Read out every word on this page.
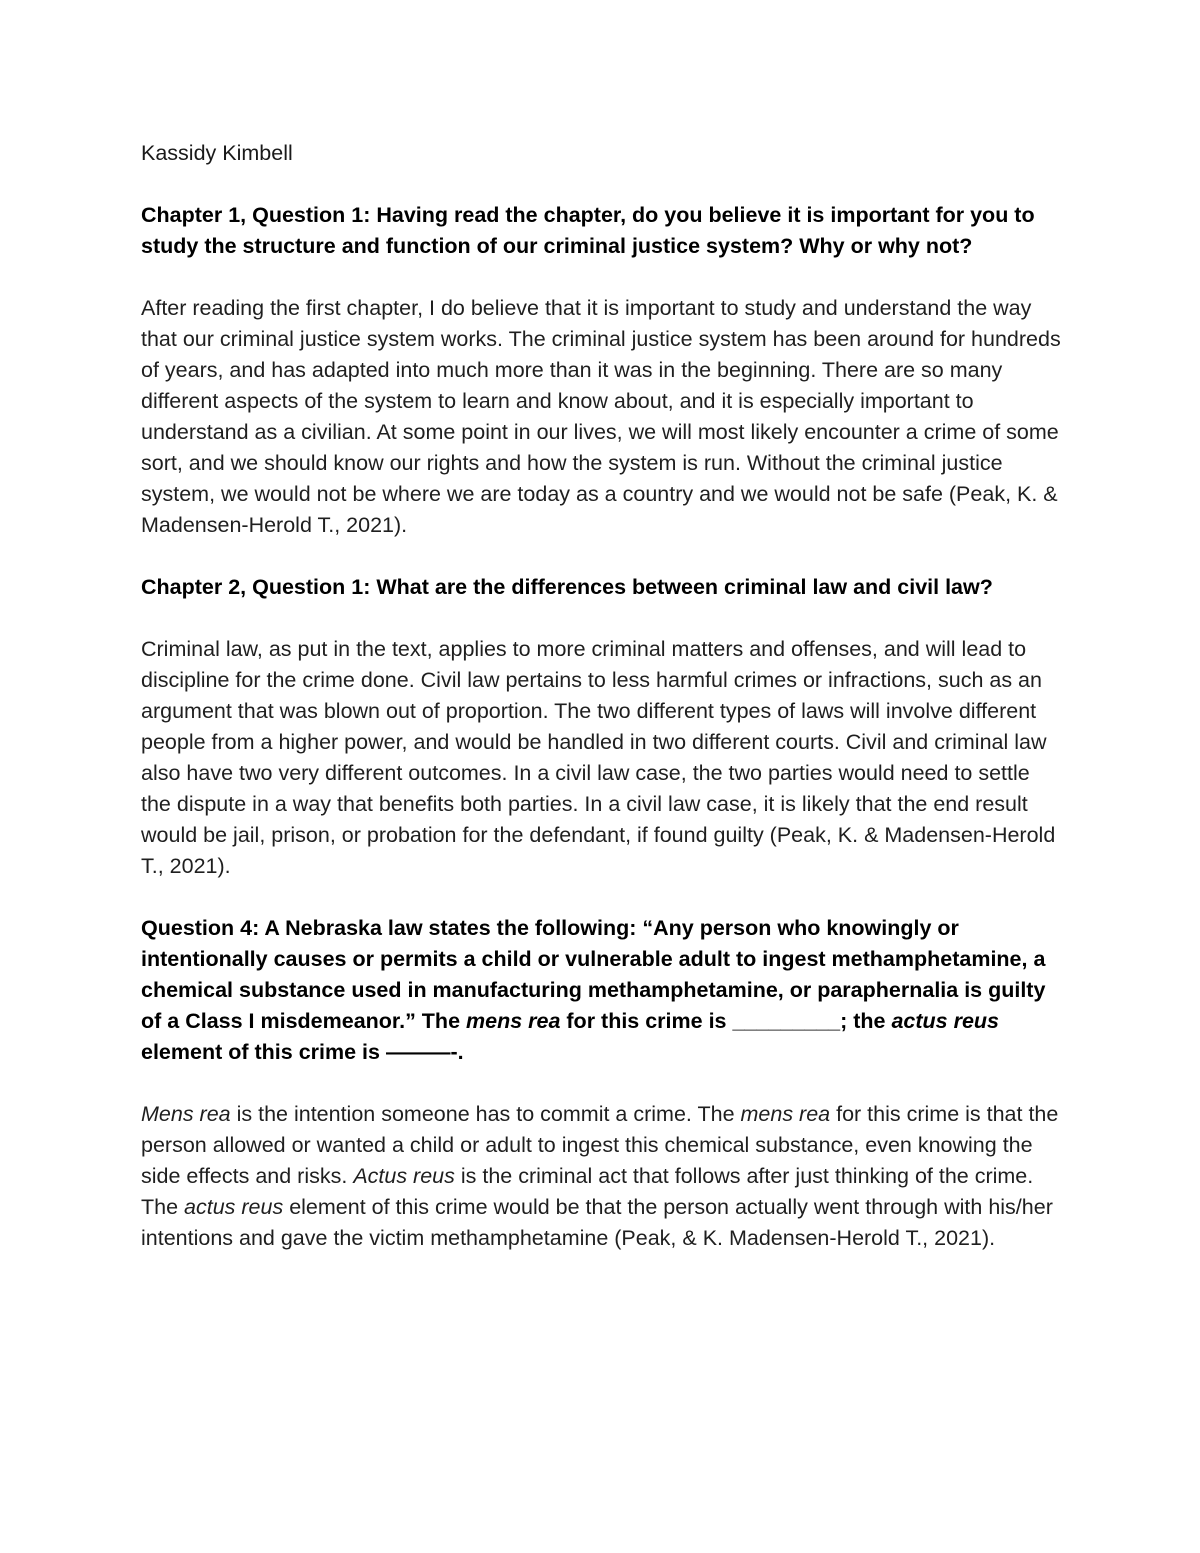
Kassidy Kimbell

Chapter 1, Question 1: Having read the chapter, do you believe it is important for you to study the structure and function of our criminal justice system? Why or why not?

After reading the first chapter, I do believe that it is important to study and understand the way that our criminal justice system works. The criminal justice system has been around for hundreds of years, and has adapted into much more than it was in the beginning. There are so many different aspects of the system to learn and know about, and it is especially important to understand as a civilian. At some point in our lives, we will most likely encounter a crime of some sort, and we should know our rights and how the system is run. Without the criminal justice system, we would not be where we are today as a country and we would not be safe (Peak, K. & Madensen-Herold T., 2021).

Chapter 2, Question 1: What are the differences between criminal law and civil law?

Criminal law, as put in the text, applies to more criminal matters and offenses, and will lead to discipline for the crime done. Civil law pertains to less harmful crimes or infractions, such as an argument that was blown out of proportion. The two different types of laws will involve different people from a higher power, and would be handled in two different courts. Civil and criminal law also have two very different outcomes. In a civil law case, the two parties would need to settle the dispute in a way that benefits both parties. In a civil law case, it is likely that the end result would be jail, prison, or probation for the defendant, if found guilty (Peak, K. & Madensen-Herold T., 2021).

Question 4: A Nebraska law states the following: “Any person who knowingly or intentionally causes or permits a child or vulnerable adult to ingest methamphetamine, a chemical substance used in manufacturing methamphetamine, or paraphernalia is guilty of a Class I misdemeanor.” The mens rea for this crime is _________; the actus reus element of this crime is ———-.

Mens rea is the intention someone has to commit a crime. The mens rea for this crime is that the person allowed or wanted a child or adult to ingest this chemical substance, even knowing the side effects and risks. Actus reus is the criminal act that follows after just thinking of the crime. The actus reus element of this crime would be that the person actually went through with his/her intentions and gave the victim methamphetamine (Peak, & K. Madensen-Herold T., 2021).
